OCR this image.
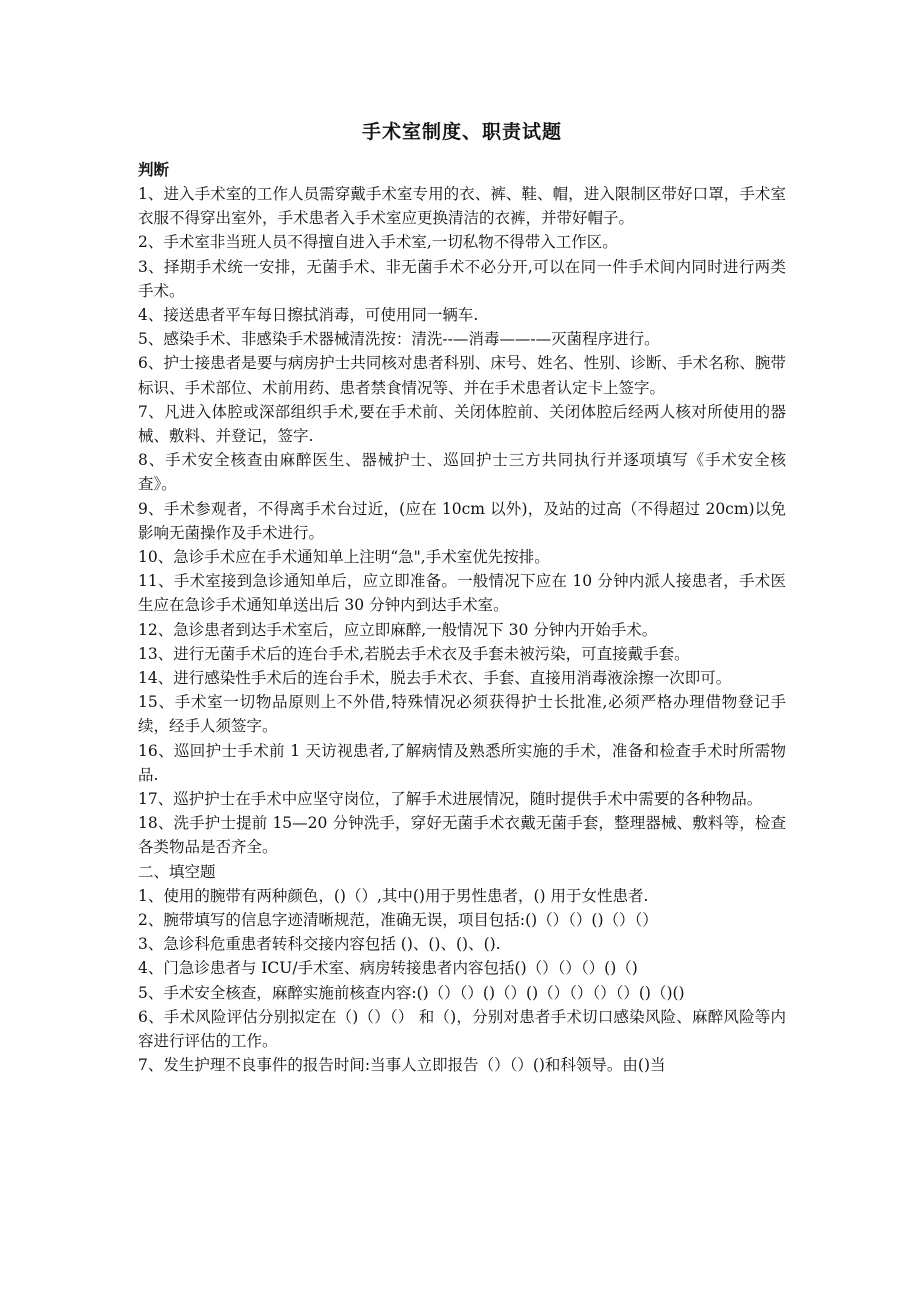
手术室制度、职责试题

判断

1、进入手术室的工作人员需穿戴手术室专用的衣、裤、鞋、帽，进入限制区带好口罩，手术室衣服不得穿出室外，手术患者入手术室应更换清洁的衣裤，并带好帽子。

2、手术室非当班人员不得擅自进入手术室,一切私物不得带入工作区。

3、择期手术统一安排，无菌手术、非无菌手术不必分开,可以在同一件手术间内同时进行两类手术。

4、接送患者平车每日擦拭消毒，可使用同一辆车.

5、感染手术、非感染手术器械清洗按：清洗--—消毒——-—灭菌程序进行。

6、护士接患者是要与病房护士共同核对患者科别、床号、姓名、性别、诊断、手术名称、腕带标识、手术部位、术前用药、患者禁食情况等、并在手术患者认定卡上签字。

7、凡进入体腔或深部组织手术,要在手术前、关闭体腔前、关闭体腔后经两人核对所使用的器械、敷料、并登记，签字.

8、手术安全核查由麻醉医生、器械护士、巡回护士三方共同执行并逐项填写《手术安全核查》。

9、手术参观者，不得离手术台过近，(应在 10cm 以外)，及站的过高（不得超过 20cm)以免影响无菌操作及手术进行。

10、急诊手术应在手术通知单上注明“急",手术室优先按排。

11、手术室接到急诊通知单后，应立即准备。一般情况下应在 10 分钟内派人接患者，手术医生应在急诊手术通知单送出后 30 分钟内到达手术室。

12、急诊患者到达手术室后，应立即麻醉,一般情况下 30 分钟内开始手术。

13、进行无菌手术后的连台手术,若脱去手术衣及手套未被污染，可直接戴手套。

14、进行感染性手术后的连台手术，脱去手术衣、手套、直接用消毒液涂擦一次即可。

15、手术室一切物品原则上不外借,特殊情况必须获得护士长批准,必须严格办理借物登记手续，经手人须签字。

16、巡回护士手术前 1 天访视患者,了解病情及熟悉所实施的手术，准备和检查手术时所需物品.

17、巡护护士在手术中应坚守岗位，了解手术进展情况，随时提供手术中需要的各种物品。

18、洗手护士提前 15—20 分钟洗手，穿好无菌手术衣戴无菌手套，整理器械、敷料等，检查各类物品是否齐全。

二、填空题

1、使用的腕带有两种颜色，()（）,其中()用于男性患者，() 用于女性患者.

2、腕带填写的信息字迹清晰规范，准确无误，项目包括:()（）（）()（）（）

3、急诊科危重患者转科交接内容包括 ()、()、()、().

4、门急诊患者与 ICU/手术室、病房转接患者内容包括()（）（）（）()（)

5、手术安全核查，麻醉实施前核查内容:()（）（）()（）()（）（）（）（）()（)()

6、手术风险评估分别拟定在（)（）（） 和（)，分别对患者手术切口感染风险、麻醉风险等内容进行评估的工作。

7、发生护理不良事件的报告时间:当事人立即报告（）（）()和科领导。由()当
